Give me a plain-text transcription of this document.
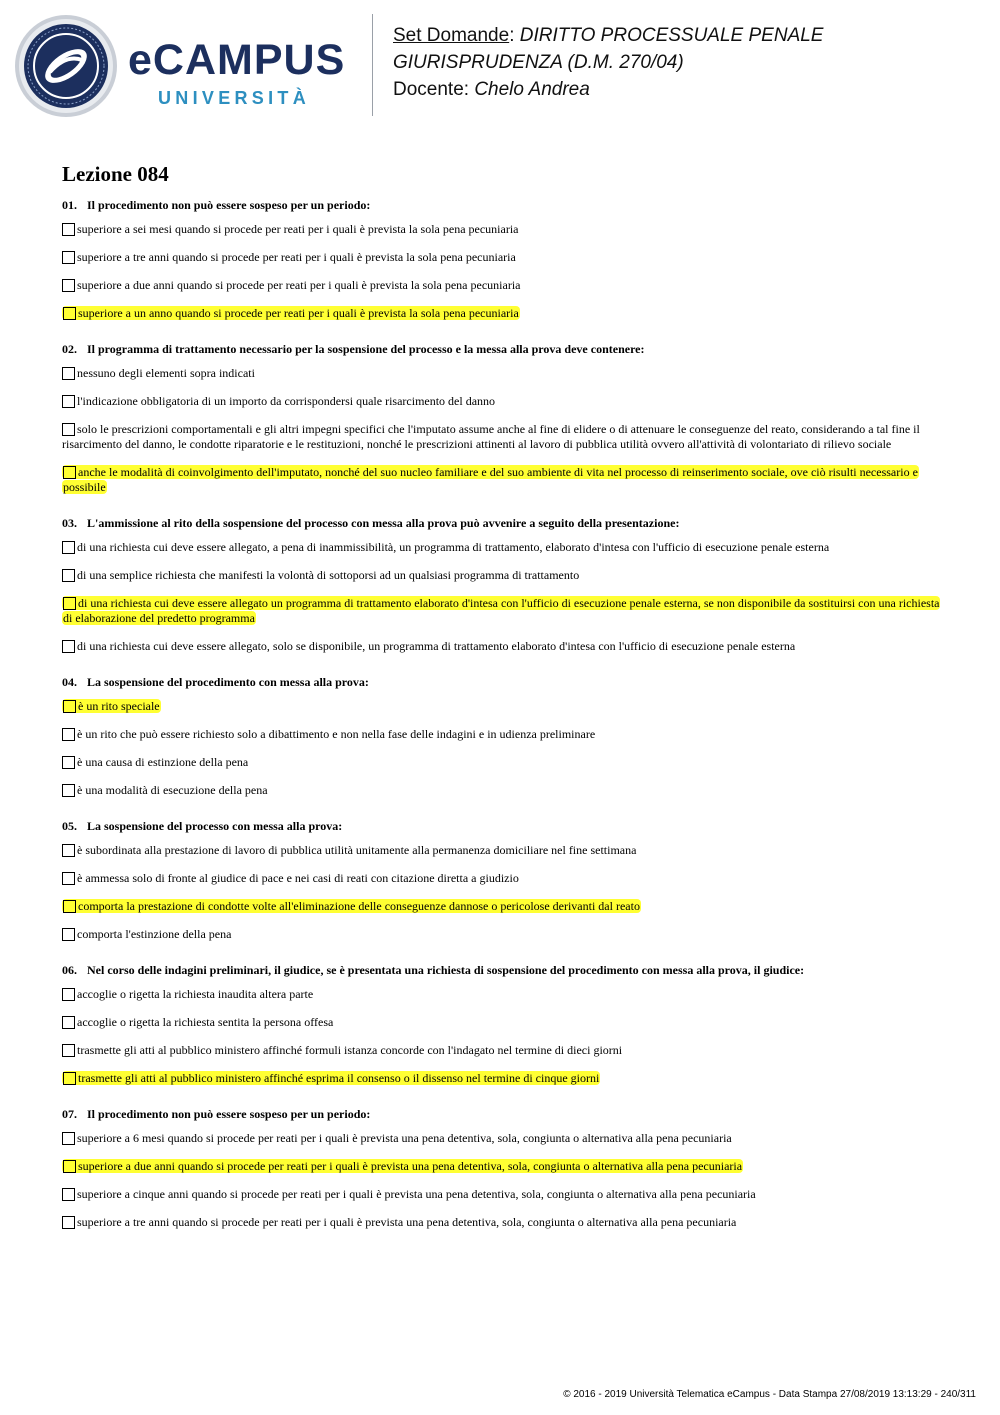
eCAMPUS
UNIVERSITÀ
Set Domande: DIRITTO PROCESSUALE PENALE
GIURISPRUDENZA (D.M. 270/04)
Docente: Chelo Andrea
Lezione 084
01. Il procedimento non può essere sospeso per un periodo:
superiore a sei mesi quando si procede per reati per i quali è prevista la sola pena pecuniaria
superiore a tre anni quando si procede per reati per i quali è prevista la sola pena pecuniaria
superiore a due anni quando si procede per reati per i quali è prevista la sola pena pecuniaria
superiore a un anno quando si procede per reati per i quali è prevista la sola pena pecuniaria
02. Il programma di trattamento necessario per la sospensione del processo e la messa alla prova deve contenere:
nessuno degli elementi sopra indicati
l'indicazione obbligatoria di un importo da corrispondersi quale risarcimento del danno
solo le prescrizioni comportamentali e gli altri impegni specifici che l'imputato assume anche al fine di elidere o di attenuare le conseguenze del reato, considerando a tal fine il risarcimento del danno, le condotte riparatorie e le restituzioni, nonché le prescrizioni attinenti al lavoro di pubblica utilità ovvero all'attività di volontariato di rilievo sociale
anche le modalità di coinvolgimento dell'imputato, nonché del suo nucleo familiare e del suo ambiente di vita nel processo di reinserimento sociale, ove ciò risulti necessario e possibile
03. L'ammissione al rito della sospensione del processo con messa alla prova può avvenire a seguito della presentazione:
di una richiesta cui deve essere allegato, a pena di inammissibilità, un programma di trattamento, elaborato d'intesa con l'ufficio di esecuzione penale esterna
di una semplice richiesta che manifesti la volontà di sottoporsi ad un qualsiasi programma di trattamento
di una richiesta cui deve essere allegato un programma di trattamento elaborato d'intesa con l'ufficio di esecuzione penale esterna, se non disponibile da sostituirsi con una richiesta di elaborazione del predetto programma
di una richiesta cui deve essere allegato, solo se disponibile, un programma di trattamento elaborato d'intesa con l'ufficio di esecuzione penale esterna
04. La sospensione del procedimento con messa alla prova:
è un rito speciale
è un rito che può essere richiesto solo a dibattimento e non nella fase delle indagini e in udienza preliminare
è una causa di estinzione della pena
è una modalità di esecuzione della pena
05. La sospensione del processo con messa alla prova:
è subordinata alla prestazione di lavoro di pubblica utilità unitamente alla permanenza domiciliare nel fine settimana
è ammessa solo di fronte al giudice di pace e nei casi di reati con citazione diretta a giudizio
comporta la prestazione di condotte volte all'eliminazione delle conseguenze dannose o pericolose derivanti dal reato
comporta l'estinzione della pena
06. Nel corso delle indagini preliminari, il giudice, se è presentata una richiesta di sospensione del procedimento con messa alla prova, il giudice:
accoglie o rigetta la richiesta inaudita altera parte
accoglie o rigetta la richiesta sentita la persona offesa
trasmette gli atti al pubblico ministero affinché formuli istanza concorde con l'indagato nel termine di dieci giorni
trasmette gli atti al pubblico ministero affinché esprima il consenso o il dissenso nel termine di cinque giorni
07. Il procedimento non può essere sospeso per un periodo:
superiore a 6 mesi quando si procede per reati per i quali è prevista una pena detentiva, sola, congiunta o alternativa alla pena pecuniaria
superiore a due anni quando si procede per reati per i quali è prevista una pena detentiva, sola, congiunta o alternativa alla pena pecuniaria
superiore a cinque anni quando si procede per reati per i quali è prevista una pena detentiva, sola, congiunta o alternativa alla pena pecuniaria
superiore a tre anni quando si procede per reati per i quali è prevista una pena detentiva, sola, congiunta o alternativa alla pena pecuniaria
© 2016 - 2019 Università Telematica eCampus - Data Stampa 27/08/2019 13:13:29 - 240/311
